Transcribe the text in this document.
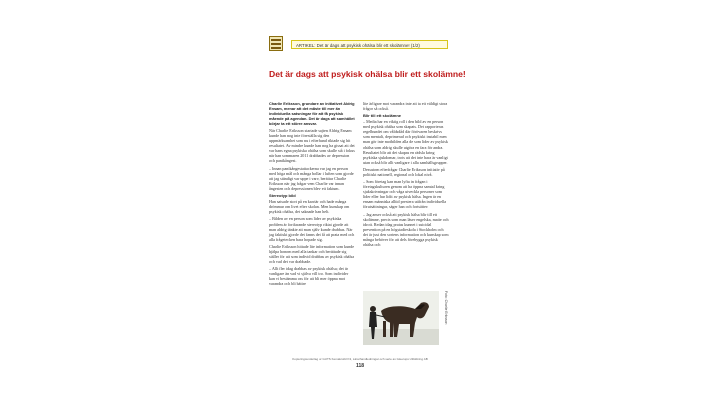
ARTIKEL: Det är dags att psykisk ohälsa blir ett skolämne! (1/2)
Det är dags att psykisk ohälsa blir ett skolämne!

Charlie Eriksson, grundare av initiativet Aldrig Ensam, menar att det måste till mer än individuella satsningar för att få psykisk mående på agendan. Det är dags att samhället börjar ta ett större ansvar.

När Charlie Eriksson startade sajten Aldrig Ensam kunde han nog inte föreställa sig den uppmärksamhet som nu i efterhand riktade sig hit resultatet. Av mindre kunde han nog ha gissat att det var hans egna psykiska ohälsa som skulle stå i fokus när han sommaren 2011 drabbades av depression och panikångest.

– Innan panikångestattackerna var jag en person med höga mål och många bollar i luften som gjorde att jag ständigt var uppe i varv, berättar Charlie Eriksson när jag frågar vem Charlie var innan ångesten och depressionen blev ett faktum.

Stereotyp bild

Han satsade stort på en karriär och hade många drömmar om livet efter skolan. Men kunskap om psykisk ohälsa, det saknade han helt.

– Bilden av en person som lider av psykiska problem är fortfarande stereotyp riktat gjorde att man aldrig tänkte att man själv kunde drabbas. När jag faktiskt gjorde det fanns det få att prata med och alla frågetecken bara hopade sig.

Charlie Eriksson hittade lite information som kunde hjälpa honom med alla tankar och berättade sig ställer för att som individ drabbas av psykisk ohälsa och vad det var drabbade.

– Allt fler idag drabbas av psykisk ohälsa; det är vanligare än vad vi själva vill tro. Som individer kan vi bestämma oss för att bli mer öppna mot varandra och bli bättre

lite ärligare mot varandra inte att ta ett väldigt stora frågor så också.

Blir till ett skolämne

– Media har en viktig roll i den bild av en person med psykisk ohälsa som skapats. Det rapporteras regelbundet om våldsdåd där förövaren beskrivs som mentalt, deprimerad och psykiskt instabil men man gör inte motbilden alla de som lider av psykisk ohälsa som aldrig skulle utgöra en fara för andra. Resultatet blir att det skapas en rädsla kring psykiska sjukdomar, trots att det inte bara är vanligt utan också blir allt vanligare i alla samhällsgrupper.

Dessutom efterfrågar Charlie Eriksson initiativ på politiskt nationell, regional och lokal nivå.

– Som företag kan man lyfta in frågan i företagskulturen genom att ha öppna samtal kring sjukskrivningar och våga utveckla personer som lider eller har lidit av psykisk hälsa. Ingen är en ensam människa alltid prestera utifrån individuella förutsättningar, säger han och fortsätter:

– Jag anser också att psykisk hälsa blir till ett skolämne, precis som man läser engelska, matte och idrott. Redan idag pratas kunnet i suicidal prevention på en högstadieskola i Stockholm och det är just den sortens information och kunskap som många behöver för att dels förebygga psykisk ohälsa och

Foto: Charlie Eriksson
Kopieringsunderlag ur GUTS Kemakrobil K3, Lärarhandledningar och serie av Gleerups Utbildning AB
118
